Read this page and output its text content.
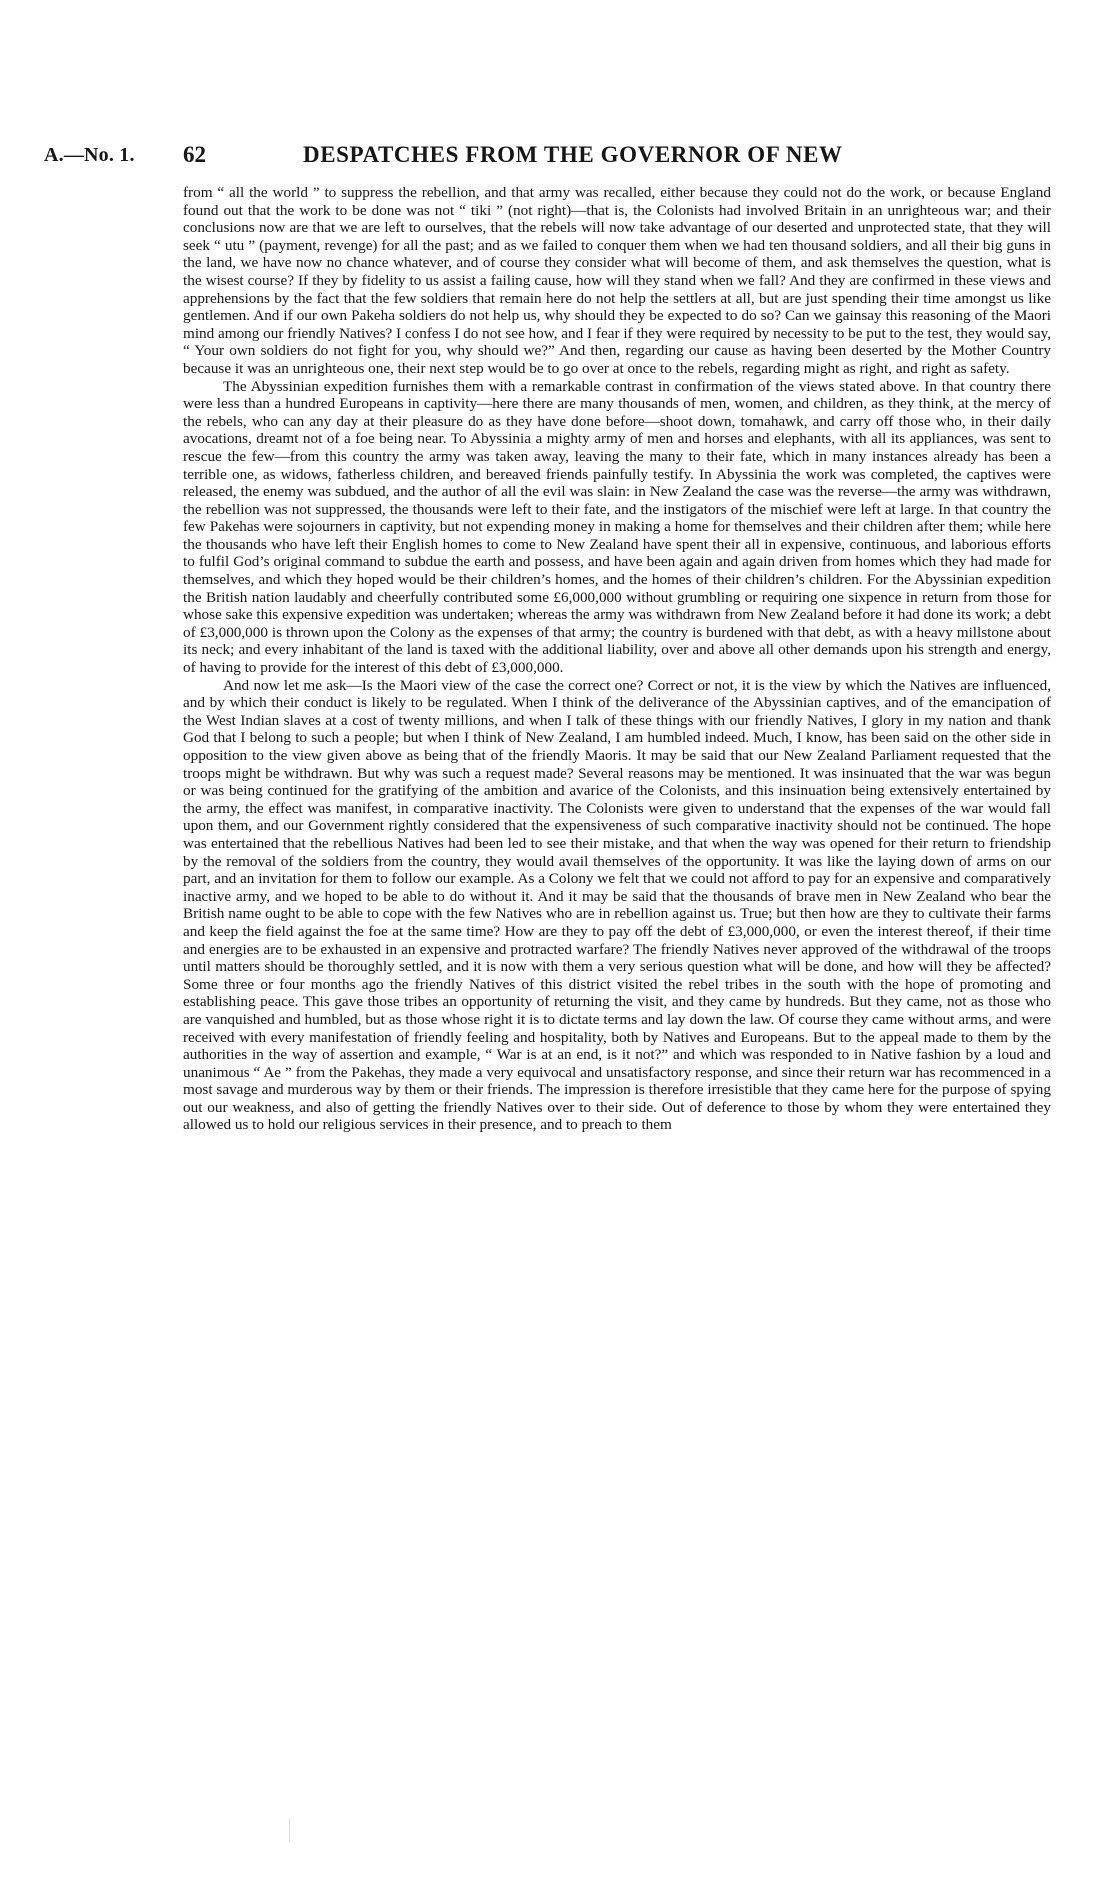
A.—No. 1. 62	DESPATCHES FROM THE GOVERNOR OF NEW

from “ all the world ” to suppress the rebellion, and that army was recalled, either because they could not do the work, or because England found out that the work to be done was not “ tiki ” (not right)—that is, the Colonists had involved Britain in an unrighteous war; and their conclusions now are that we are left to ourselves, that the rebels will now take advantage of our deserted and unprotected state, that they will seek “ utu ” (payment, revenge) for all the past; and as we failed to conquer them when we had ten thousand soldiers, and all their big guns in the land, we have now no chance whatever, and of course they consider what will become of them, and ask themselves the question, what is the wisest course? If they by fidelity to us assist a failing cause, how will they stand when we fall? And they are confirmed in these views and apprehensions by the fact that the few soldiers that remain here do not help the settlers at all, but are just spending their time amongst us like gentlemen. And if our own Pakeha soldiers do not help us, why should they be expected to do so? Can we gainsay this reasoning of the Maori mind among our friendly Natives? I confess I do not see how, and I fear if they were required by necessity to be put to the test, they would say, “ Your own soldiers do not fight for you, why should we?” And then, regarding our cause as having been deserted by the Mother Country because it was an unrighteous one, their next step would be to go over at once to the rebels, regarding might as right, and right as safety.

The Abyssinian expedition furnishes them with a remarkable contrast in confirmation of the views stated above. In that country there were less than a hundred Europeans in captivity—here there are many thousands of men, women, and children, as they think, at the mercy of the rebels, who can any day at their pleasure do as they have done before—shoot down, tomahawk, and carry off those who, in their daily avocations, dreamt not of a foe being near. To Abyssinia a mighty army of men and horses and elephants, with all its appliances, was sent to rescue the few—from this country the army was taken away, leaving the many to their fate, which in many instances already has been a terrible one, as widows, fatherless children, and bereaved friends painfully testify. In Abyssinia the work was completed, the captives were released, the enemy was subdued, and the author of all the evil was slain: in New Zealand the case was the reverse—the army was withdrawn, the rebellion was not suppressed, the thousands were left to their fate, and the instigators of the mischief were left at large. In that country the few Pakehas were sojourners in captivity, but not expending money in making a home for themselves and their children after them; while here the thousands who have left their English homes to come to New Zealand have spent their all in expensive, continuous, and laborious efforts to fulfil God’s original command to subdue the earth and possess, and have been again and again driven from homes which they had made for themselves, and which they hoped would be their children’s homes, and the homes of their children’s children. For the Abyssinian expedition the British nation laudably and cheerfully contributed some £6,000,000 without grumbling or requiring one sixpence in return from those for whose sake this expensive expedition was undertaken; whereas the army was withdrawn from New Zealand before it had done its work; a debt of £3,000,000 is thrown upon the Colony as the expenses of that army; the country is burdened with that debt, as with a heavy millstone about its neck; and every inhabitant of the land is taxed with the additional liability, over and above all other demands upon his strength and energy, of having to provide for the interest of this debt of £3,000,000.

And now let me ask—Is the Maori view of the case the correct one? Correct or not, it is the view by which the Natives are influenced, and by which their conduct is likely to be regulated. When I think of the deliverance of the Abyssinian captives, and of the emancipation of the West Indian slaves at a cost of twenty millions, and when I talk of these things with our friendly Natives, I glory in my nation and thank God that I belong to such a people; but when I think of New Zealand, I am humbled indeed. Much, I know, has been said on the other side in opposition to the view given above as being that of the friendly Maoris. It may be said that our New Zealand Parliament requested that the troops might be withdrawn. But why was such a request made? Several reasons may be mentioned. It was insinuated that the war was begun or was being continued for the gratifying of the ambition and avarice of the Colonists, and this insinuation being extensively entertained by the army, the effect was manifest, in comparative inactivity. The Colonists were given to understand that the expenses of the war would fall upon them, and our Government rightly considered that the expensiveness of such comparative inactivity should not be continued. The hope was entertained that the rebellious Natives had been led to see their mistake, and that when the way was opened for their return to friendship by the removal of the soldiers from the country, they would avail themselves of the opportunity. It was like the laying down of arms on our part, and an invitation for them to follow our example. As a Colony we felt that we could not afford to pay for an expensive and comparatively inactive army, and we hoped to be able to do without it. And it may be said that the thousands of brave men in New Zealand who bear the British name ought to be able to cope with the few Natives who are in rebellion against us. True; but then how are they to cultivate their farms and keep the field against the foe at the same time? How are they to pay off the debt of £3,000,000, or even the interest thereof, if their time and energies are to be exhausted in an expensive and protracted warfare? The friendly Natives never approved of the withdrawal of the troops until matters should be thoroughly settled, and it is now with them a very serious question what will be done, and how will they be affected? Some three or four months ago the friendly Natives of this district visited the rebel tribes in the south with the hope of promoting and establishing peace. This gave those tribes an opportunity of returning the visit, and they came by hundreds. But they came, not as those who are vanquished and humbled, but as those whose right it is to dictate terms and lay down the law. Of course they came without arms, and were received with every manifestation of friendly feeling and hospitality, both by Natives and Europeans. But to the appeal made to them by the authorities in the way of assertion and example, “ War is at an end, is it not?” and which was responded to in Native fashion by a loud and unanimous “ Ae ” from the Pakehas, they made a very equivocal and unsatisfactory response, and since their return war has recommenced in a most savage and murderous way by them or their friends. The impression is therefore irresistible that they came here for the purpose of spying out our weakness, and also of getting the friendly Natives over to their side. Out of deference to those by whom they were entertained they allowed us to hold our religious services in their presence, and to preach to them
